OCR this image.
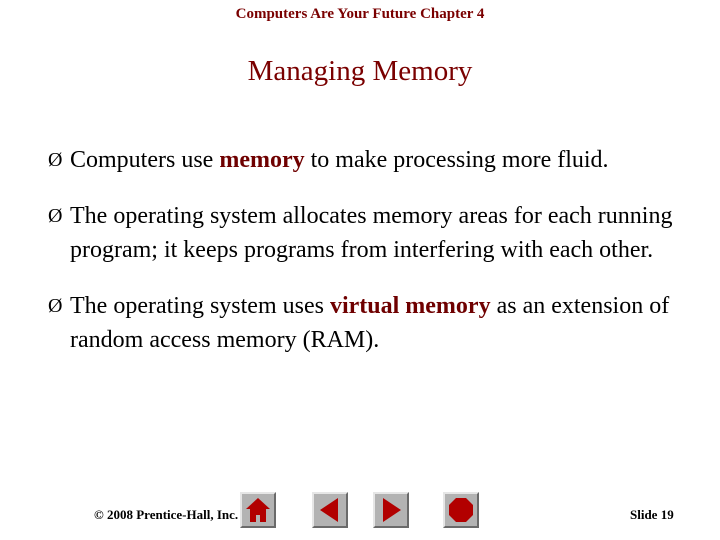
Computers Are Your Future Chapter 4
Managing Memory
Ø Computers use memory to make processing more fluid.
Ø The operating system allocates memory areas for each running program; it keeps programs from interfering with each other.
Ø The operating system uses virtual memory as an extension of random access memory (RAM).
© 2008 Prentice-Hall, Inc.	Slide 19
